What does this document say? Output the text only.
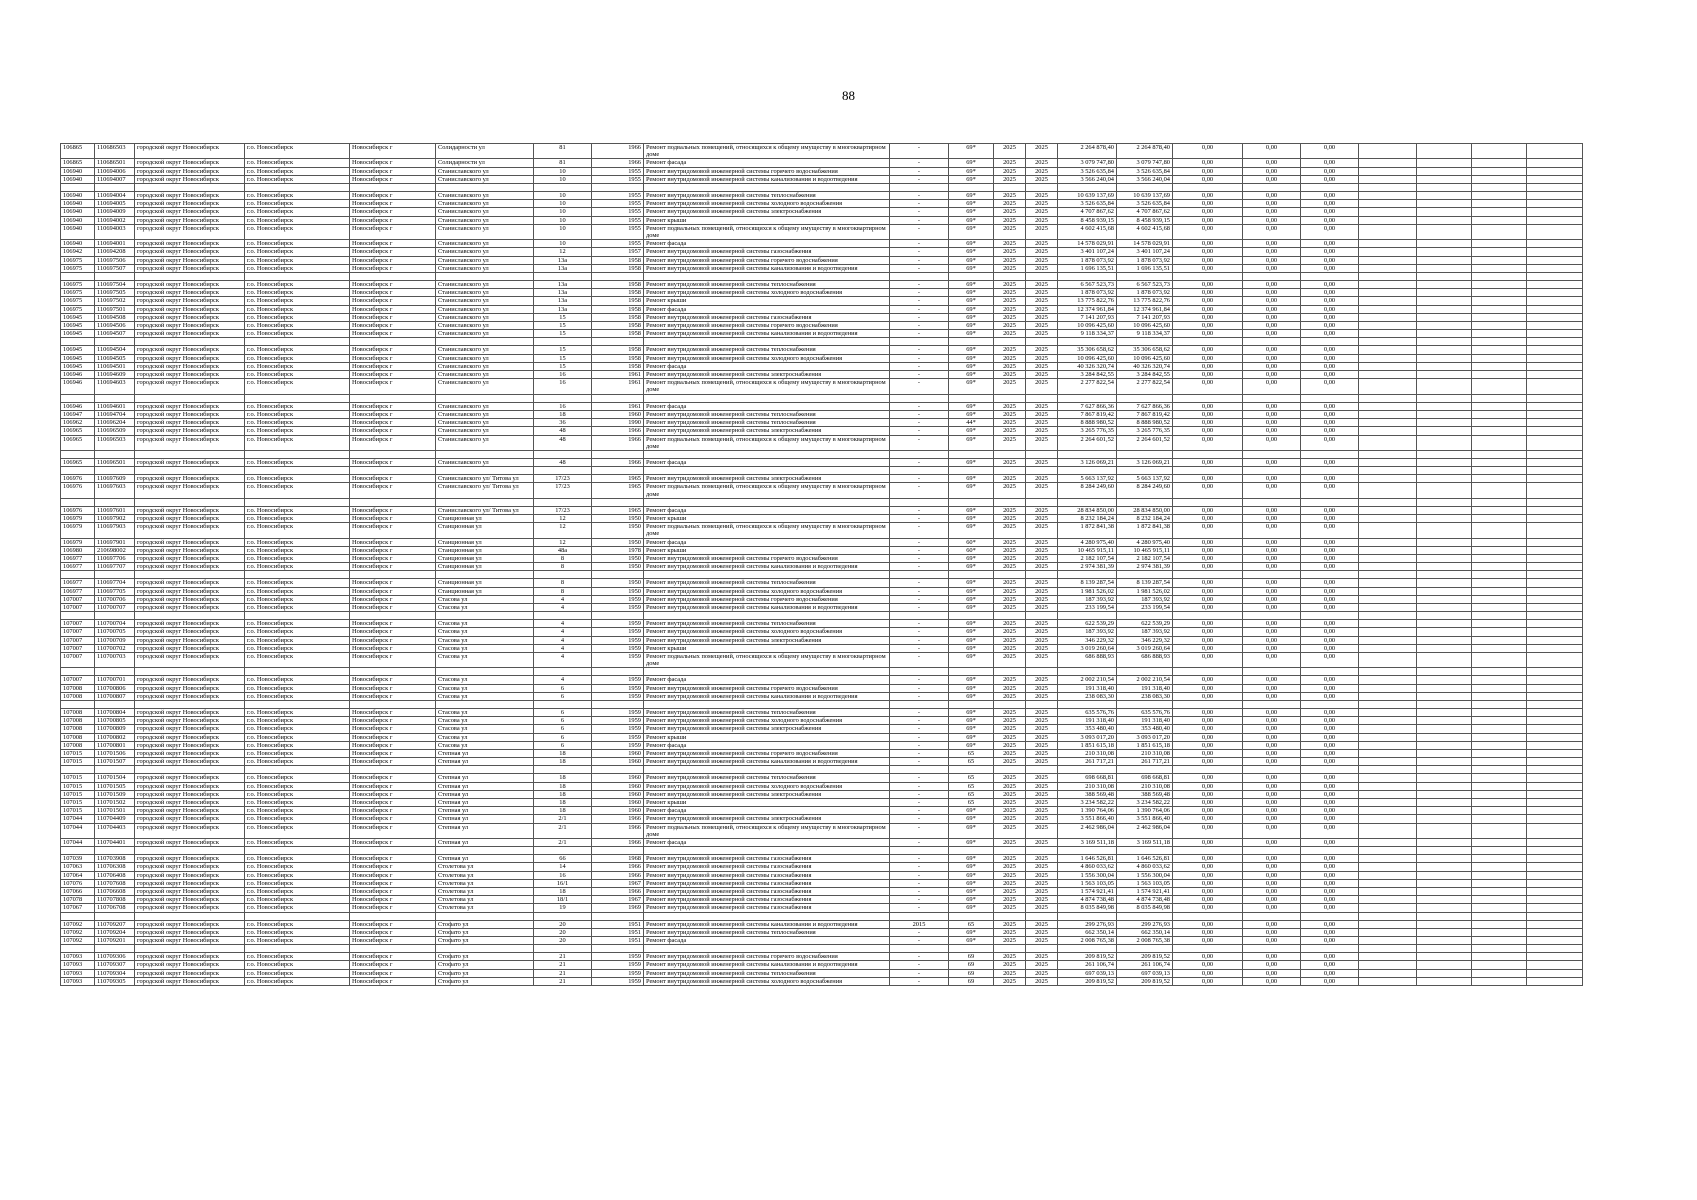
88
106865	110686503	городской округ Новосибирск	г.о. Новосибирск	Новосибирск г	Солидарности ул	81	1966	Ремонт подвальных помещений, относящихся к общему имуществу в многоквартирном доме	-	69*	2025	2025	2 264 878,40	2 264 878,40	0,00	0,00	0,00				
106865	110686501	городской округ Новосибирск	г.о. Новосибирск	Новосибирск г	Солидарности ул	81	1966	Ремонт фасада	-	69*	2025	2025	3 079 747,80	3 079 747,80	0,00	0,00	0,00				
106940	110694006	городской округ Новосибирск	г.о. Новосибирск	Новосибирск г	Станиславского ул	10	1955	Ремонт внутридомовой инженерной системы горячего водоснабжения	-	69*	2025	2025	3 526 635,84	3 526 635,84	0,00	0,00	0,00				
106940	110694007	городской округ Новосибирск	г.о. Новосибирск	Новосибирск г	Станиславского ул	10	1955	Ремонт внутридомовой инженерной системы канализования и водоотведения	-	69*	2025	2025	3 566 240,04	3 566 240,04	0,00	0,00	0,00				

106940	110694004	городской округ Новосибирск	г.о. Новосибирск	Новосибирск г	Станиславского ул	10	1955	Ремонт внутридомовой инженерной системы теплоснабжения	-	69*	2025	2025	10 639 137,69	10 639 137,69	0,00	0,00	0,00				
106940	110694005	городской округ Новосибирск	г.о. Новосибирск	Новосибирск г	Станиславского ул	10	1955	Ремонт внутридомовой инженерной системы холодного водоснабжения	-	69*	2025	2025	3 526 635,84	3 526 635,84	0,00	0,00	0,00				
106940	110694009	городской округ Новосибирск	г.о. Новосибирск	Новосибирск г	Станиславского ул	10	1955	Ремонт внутридомовой инженерной системы электроснабжения	-	69*	2025	2025	4 707 867,62	4 707 867,62	0,00	0,00	0,00				
106940	110694002	городской округ Новосибирск	г.о. Новосибирск	Новосибирск г	Станиславского ул	10	1955	Ремонт крыши	-	69*	2025	2025	8 458 939,15	8 458 939,15	0,00	0,00	0,00				
106940	110694003	городской округ Новосибирск	г.о. Новосибирск	Новосибирск г	Станиславского ул	10	1955	Ремонт подвальных помещений, относящихся к общему имуществу в многоквартирном доме	-	69*	2025	2025	4 602 415,68	4 602 415,68	0,00	0,00	0,00				
106940	110694001	городской округ Новосибирск	г.о. Новосибирск	Новосибирск г	Станиславского ул	10	1955	Ремонт фасада	-	69*	2025	2025	14 578 029,91	14 578 029,91	0,00	0,00	0,00				
106942	110694208	городской округ Новосибирск	г.о. Новосибирск	Новосибирск г	Станиславского ул	12	1957	Ремонт внутридомовой инженерной системы газоснабжения	-	69*	2025	2025	3 401 107,24	3 401 107,24	0,00	0,00	0,00				
106975	110697506	городской округ Новосибирск	г.о. Новосибирск	Новосибирск г	Станиславского ул	13а	1958	Ремонт внутридомовой инженерной системы горячего водоснабжения	-	69*	2025	2025	1 878 073,92	1 878 073,92	0,00	0,00	0,00				
106975	110697507	городской округ Новосибирск	г.о. Новосибирск	Новосибирск г	Станиславского ул	13а	1958	Ремонт внутридомовой инженерной системы канализования и водоотведения	-	69*	2025	2025	1 696 135,51	1 696 135,51	0,00	0,00	0,00				

106975	110697504	городской округ Новосибирск	г.о. Новосибирск	Новосибирск г	Станиславского ул	13а	1958	Ремонт внутридомовой инженерной системы теплоснабжения	-	69*	2025	2025	6 567 523,73	6 567 523,73	0,00	0,00	0,00				
106975	110697505	городской округ Новосибирск	г.о. Новосибирск	Новосибирск г	Станиславского ул	13а	1958	Ремонт внутридомовой инженерной системы холодного водоснабжения	-	69*	2025	2025	1 878 073,92	1 878 073,92	0,00	0,00	0,00				
106975	110697502	городской округ Новосибирск	г.о. Новосибирск	Новосибирск г	Станиславского ул	13а	1958	Ремонт крыши	-	69*	2025	2025	13 775 822,76	13 775 822,76	0,00	0,00	0,00				
106975	110697501	городской округ Новосибирск	г.о. Новосибирск	Новосибирск г	Станиславского ул	13а	1958	Ремонт фасада	-	69*	2025	2025	12 374 961,84	12 374 961,84	0,00	0,00	0,00				
106945	110694508	городской округ Новосибирск	г.о. Новосибирск	Новосибирск г	Станиславского ул	15	1958	Ремонт внутридомовой инженерной системы газоснабжения	-	69*	2025	2025	7 141 207,93	7 141 207,93	0,00	0,00	0,00				
106945	110694506	городской округ Новосибирск	г.о. Новосибирск	Новосибирск г	Станиславского ул	15	1958	Ремонт внутридомовой инженерной системы горячего водоснабжения	-	69*	2025	2025	10 096 425,60	10 096 425,60	0,00	0,00	0,00				
106945	110694507	городской округ Новосибирск	г.о. Новосибирск	Новосибирск г	Станиславского ул	15	1958	Ремонт внутридомовой инженерной системы канализования и водоотведения	-	69*	2025	2025	9 118 334,37	9 118 334,37	0,00	0,00	0,00				

106945	110694504	городской округ Новосибирск	г.о. Новосибирск	Новосибирск г	Станиславского ул	15	1958	Ремонт внутридомовой инженерной системы теплоснабжения	-	69*	2025	2025	35 306 658,62	35 306 658,62	0,00	0,00	0,00				
106945	110694505	городской округ Новосибирск	г.о. Новосибирск	Новосибирск г	Станиславского ул	15	1958	Ремонт внутридомовой инженерной системы холодного водоснабжения	-	69*	2025	2025	10 096 425,60	10 096 425,60	0,00	0,00	0,00				
106945	110694501	городской округ Новосибирск	г.о. Новосибирск	Новосибирск г	Станиславского ул	15	1958	Ремонт фасада	-	69*	2025	2025	40 326 320,74	40 326 320,74	0,00	0,00	0,00				
106946	110694609	городской округ Новосибирск	г.о. Новосибирск	Новосибирск г	Станиславского ул	16	1961	Ремонт внутридомовой инженерной системы электроснабжения	-	69*	2025	2025	3 284 842,55	3 284 842,55	0,00	0,00	0,00				
106946	110694603	городской округ Новосибирск	г.о. Новосибирск	Новосибирск г	Станиславского ул	16	1961	Ремонт подвальных помещений, относящихся к общему имуществу в многоквартирном доме	-	69*	2025	2025	2 277 822,54	2 277 822,54	0,00	0,00	0,00				

106946	110694601	городской округ Новосибирск	г.о. Новосибирск	Новосибирск г	Станиславского ул	16	1961	Ремонт фасада	-	69*	2025	2025	7 627 866,36	7 627 866,36	0,00	0,00	0,00				
106947	110694704	городской округ Новосибирск	г.о. Новосибирск	Новосибирск г	Станиславского ул	18	1960	Ремонт внутридомовой инженерной системы теплоснабжения	-	69*	2025	2025	7 867 819,42	7 867 819,42	0,00	0,00	0,00				
106962	110696204	городской округ Новосибирск	г.о. Новосибирск	Новосибирск г	Станиславского ул	36	1990	Ремонт внутридомовой инженерной системы теплоснабжения	-	44*	2025	2025	8 888 980,52	8 888 980,52	0,00	0,00	0,00				
106965	110696509	городской округ Новосибирск	г.о. Новосибирск	Новосибирск г	Станиславского ул	48	1966	Ремонт внутридомовой инженерной системы электроснабжения	-	69*	2025	2025	3 265 776,35	3 265 776,35	0,00	0,00	0,00				
106965	110696503	городской округ Новосибирск	г.о. Новосибирск	Новосибирск г	Станиславского ул	48	1966	Ремонт подвальных помещений, относящихся к общему имуществу в многоквартирном доме	-	69*	2025	2025	2 264 601,52	2 264 601,52	0,00	0,00	0,00				

106965	110696501	городской округ Новосибирск	г.о. Новосибирск	Новосибирск г	Станиславского ул	48	1966	Ремонт фасада	-	69*	2025	2025	3 126 069,21	3 126 069,21	0,00	0,00	0,00				

106976	110697609	городской округ Новосибирск	г.о. Новосибирск	Новосибирск г	Станиславского ул/ Титова ул	17/23	1965	Ремонт внутридомовой инженерной системы электроснабжения	-	69*	2025	2025	5 663 137,92	5 663 137,92	0,00	0,00	0,00				
106976	110697603	городской округ Новосибирск	г.о. Новосибирск	Новосибирск г	Станиславского ул/ Титова ул	17/23	1965	Ремонт подвальных помещений, относящихся к общему имуществу в многоквартирном доме	-	69*	2025	2025	8 284 249,60	8 284 249,60	0,00	0,00	0,00				

106976	110697601	городской округ Новосибирск	г.о. Новосибирск	Новосибирск г	Станиславского ул/ Титова ул	17/23	1965	Ремонт фасада	-	69*	2025	2025	28 834 850,00	28 834 850,00	0,00	0,00	0,00				
106979	110697902	городской округ Новосибирск	г.о. Новосибирск	Новосибирск г	Станционная ул	12	1950	Ремонт крыши	-	69*	2025	2025	8 232 184,24	8 232 184,24	0,00	0,00	0,00				
106979	110697903	городской округ Новосибирск	г.о. Новосибирск	Новосибирск г	Станционная ул	12	1950	Ремонт подвальных помещений, относящихся к общему имуществу в многоквартирном доме	-	69*	2025	2025	1 872 841,38	1 872 841,38	0,00	0,00	0,00				
106979	110697901	городской округ Новосибирск	г.о. Новосибирск	Новосибирск г	Станционная ул	12	1950	Ремонт фасада	-	60*	2025	2025	4 280 975,40	4 280 975,40	0,00	0,00	0,00				
106980	210698002	городской округ Новосибирск	г.о. Новосибирск	Новосибирск г	Станционная ул	48а	1978	Ремонт крыши	-	60*	2025	2025	10 465 915,11	10 465 915,11	0,00	0,00	0,00				
106977	110697706	городской округ Новосибирск	г.о. Новосибирск	Новосибирск г	Станционная ул	8	1950	Ремонт внутридомовой инженерной системы горячего водоснабжения	-	69*	2025	2025	2 182 107,54	2 182 107,54	0,00	0,00	0,00				
106977	110697707	городской округ Новосибирск	г.о. Новосибирск	Новосибирск г	Станционная ул	8	1950	Ремонт внутридомовой инженерной системы канализования и водоотведения	-	69*	2025	2025	2 974 381,39	2 974 381,39	0,00	0,00	0,00				

106977	110697704	городской округ Новосибирск	г.о. Новосибирск	Новосибирск г	Станционная ул	8	1950	Ремонт внутридомовой инженерной системы теплоснабжения	-	69*	2025	2025	8 139 287,54	8 139 287,54	0,00	0,00	0,00				
106977	110697705	городской округ Новосибирск	г.о. Новосибирск	Новосибирск г	Станционная ул	8	1950	Ремонт внутридомовой инженерной системы холодного водоснабжения	-	69*	2025	2025	1 981 526,02	1 981 526,02	0,00	0,00	0,00				
107007	110700706	городской округ Новосибирск	г.о. Новосибирск	Новосибирск г	Стасова ул	4	1959	Ремонт внутридомовой инженерной системы горячего водоснабжения	-	69*	2025	2025	187 393,92	187 393,92	0,00	0,00	0,00				
107007	110700707	городской округ Новосибирск	г.о. Новосибирск	Новосибирск г	Стасова ул	4	1959	Ремонт внутридомовой инженерной системы канализования и водоотведения	-	69*	2025	2025	233 199,54	233 199,54	0,00	0,00	0,00				

107007	110700704	городской округ Новосибирск	г.о. Новосибирск	Новосибирск г	Стасова ул	4	1959	Ремонт внутридомовой инженерной системы теплоснабжения	-	69*	2025	2025	622 539,29	622 539,29	0,00	0,00	0,00				
107007	110700705	городской округ Новосибирск	г.о. Новосибирск	Новосибирск г	Стасова ул	4	1959	Ремонт внутридомовой инженерной системы холодного водоснабжения	-	69*	2025	2025	187 393,92	187 393,92	0,00	0,00	0,00				
107007	110700709	городской округ Новосибирск	г.о. Новосибирск	Новосибирск г	Стасова ул	4	1959	Ремонт внутридомовой инженерной системы электроснабжения	-	69*	2025	2025	346 229,32	346 229,32	0,00	0,00	0,00				
107007	110700702	городской округ Новосибирск	г.о. Новосибирск	Новосибирск г	Стасова ул	4	1959	Ремонт крыши	-	69*	2025	2025	3 019 260,64	3 019 260,64	0,00	0,00	0,00				
107007	110700703	городской округ Новосибирск	г.о. Новосибирск	Новосибирск г	Стасова ул	4	1959	Ремонт подвальных помещений, относящихся к общему имуществу в многоквартирном доме	-	69*	2025	2025	686 888,93	686 888,93	0,00	0,00	0,00				

107007	110700701	городской округ Новосибирск	г.о. Новосибирск	Новосибирск г	Стасова ул	4	1959	Ремонт фасада	-	69*	2025	2025	2 002 210,54	2 002 210,54	0,00	0,00	0,00				
107008	110700806	городской округ Новосибирск	г.о. Новосибирск	Новосибирск г	Стасова ул	6	1959	Ремонт внутридомовой инженерной системы горячего водоснабжения	-	69*	2025	2025	191 318,40	191 318,40	0,00	0,00	0,00				
107008	110700807	городской округ Новосибирск	г.о. Новосибирск	Новосибирск г	Стасова ул	6	1959	Ремонт внутридомовой инженерной системы канализования и водоотведения	-	69*	2025	2025	238 083,30	238 083,30	0,00	0,00	0,00				

107008	110700804	городской округ Новосибирск	г.о. Новосибирск	Новосибирск г	Стасова ул	6	1959	Ремонт внутридомовой инженерной системы теплоснабжения	-	69*	2025	2025	635 576,76	635 576,76	0,00	0,00	0,00				
107008	110700805	городской округ Новосибирск	г.о. Новосибирск	Новосибирск г	Стасова ул	6	1959	Ремонт внутридомовой инженерной системы холодного водоснабжения	-	69*	2025	2025	191 318,40	191 318,40	0,00	0,00	0,00				
107008	110700809	городской округ Новосибирск	г.о. Новосибирск	Новосибирск г	Стасова ул	6	1959	Ремонт внутридомовой инженерной системы электроснабжения	-	69*	2025	2025	353 480,40	353 480,40	0,00	0,00	0,00				
107008	110700802	городской округ Новосибирск	г.о. Новосибирск	Новосибирск г	Стасова ул	6	1959	Ремонт крыши	-	69*	2025	2025	3 093 017,20	3 093 017,20	0,00	0,00	0,00				
107008	110700801	городской округ Новосибирск	г.о. Новосибирск	Новосибирск г	Стасова ул	6	1959	Ремонт фасада	-	69*	2025	2025	1 851 615,18	1 851 615,18	0,00	0,00	0,00				
107015	110701506	городской округ Новосибирск	г.о. Новосибирск	Новосибирск г	Степная ул	18	1960	Ремонт внутридомовой инженерной системы горячего водоснабжения	-	65	2025	2025	210 310,08	210 310,08	0,00	0,00	0,00				
107015	110701507	городской округ Новосибирск	г.о. Новосибирск	Новосибирск г	Степная ул	18	1960	Ремонт внутридомовой инженерной системы канализования и водоотведения	-	65	2025	2025	261 717,21	261 717,21	0,00	0,00	0,00				

107015	110701504	городской округ Новосибирск	г.о. Новосибирск	Новосибирск г	Степная ул	18	1960	Ремонт внутридомовой инженерной системы теплоснабжения	-	65	2025	2025	698 668,81	698 668,81	0,00	0,00	0,00				
107015	110701505	городской округ Новосибирск	г.о. Новосибирск	Новосибирск г	Степная ул	18	1960	Ремонт внутридомовой инженерной системы холодного водоснабжения	-	65	2025	2025	210 310,08	210 310,08	0,00	0,00	0,00				
107015	110701509	городской округ Новосибирск	г.о. Новосибирск	Новосибирск г	Степная ул	18	1960	Ремонт внутридомовой инженерной системы электроснабжения	-	65	2025	2025	388 569,48	388 569,48	0,00	0,00	0,00				
107015	110701502	городской округ Новосибирск	г.о. Новосибирск	Новосибирск г	Степная ул	18	1960	Ремонт крыши	-	65	2025	2025	3 234 582,22	3 234 582,22	0,00	0,00	0,00				
107015	110701501	городской округ Новосибирск	г.о. Новосибирск	Новосибирск г	Степная ул	18	1960	Ремонт фасада	-	69*	2025	2025	1 390 764,06	1 390 764,06	0,00	0,00	0,00				
107044	110704409	городской округ Новосибирск	г.о. Новосибирск	Новосибирск г	Степная ул	2/1	1966	Ремонт внутридомовой инженерной системы электроснабжения	-	69*	2025	2025	3 551 866,40	3 551 866,40	0,00	0,00	0,00				
107044	110704403	городской округ Новосибирск	г.о. Новосибирск	Новосибирск г	Степная ул	2/1	1966	Ремонт подвальных помещений, относящихся к общему имуществу в многоквартирном доме	-	69*	2025	2025	2 462 986,04	2 462 986,04	0,00	0,00	0,00				
107044	110704401	городской округ Новосибирск	г.о. Новосибирск	Новосибирск г	Степная ул	2/1	1966	Ремонт фасада	-	69*	2025	2025	3 169 511,18	3 169 511,18	0,00	0,00	0,00				

107039	110703908	городской округ Новосибирск	г.о. Новосибирск	Новосибирск г	Степная ул	66	1968	Ремонт внутридомовой инженерной системы газоснабжения	-	69*	2025	2025	1 646 526,81	1 646 526,81	0,00	0,00	0,00				
107063	110706308	городской округ Новосибирск	г.о. Новосибирск	Новосибирск г	Столетова ул	14	1966	Ремонт внутридомовой инженерной системы газоснабжения	-	69*	2025	2025	4 860 033,62	4 860 033,62	0,00	0,00	0,00				
107064	110706408	городской округ Новосибирск	г.о. Новосибирск	Новосибирск г	Столетова ул	16	1966	Ремонт внутридомовой инженерной системы газоснабжения	-	69*	2025	2025	1 556 300,04	1 556 300,04	0,00	0,00	0,00				
107076	110707608	городской округ Новосибирск	г.о. Новосибирск	Новосибирск г	Столетова ул	16/1	1967	Ремонт внутридомовой инженерной системы газоснабжения	-	69*	2025	2025	1 563 103,05	1 563 103,05	0,00	0,00	0,00				
107066	110706608	городской округ Новосибирск	г.о. Новосибирск	Новосибирск г	Столетова ул	18	1966	Ремонт внутридомовой инженерной системы газоснабжения	-	69*	2025	2025	1 574 921,41	1 574 921,41	0,00	0,00	0,00				
107078	110707808	городской округ Новосибирск	г.о. Новосибирск	Новосибирск г	Столетова ул	18/1	1967	Ремонт внутридомовой инженерной системы газоснабжения	-	69*	2025	2025	4 874 738,48	4 874 738,48	0,00	0,00	0,00				
107067	110706708	городской округ Новосибирск	г.о. Новосибирск	Новосибирск г	Столетова ул	19	1969	Ремонт внутридомовой инженерной системы газоснабжения	-	69*	2025	2025	8 035 849,98	8 035 849,98	0,00	0,00	0,00				

107092	110709207	городской округ Новосибирск	г.о. Новосибирск	Новосибирск г	Стофато ул	20	1951	Ремонт внутридомовой инженерной системы канализования и водоотведения	2015	65	2025	2025	299 276,93	299 276,93	0,00	0,00	0,00				
107092	110709204	городской округ Новосибирск	г.о. Новосибирск	Новосибирск г	Стофато ул	20	1951	Ремонт внутридомовой инженерной системы теплоснабжения	-	69*	2025	2025	662 350,14	662 350,14	0,00	0,00	0,00				
107092	110709201	городской округ Новосибирск	г.о. Новосибирск	Новосибирск г	Стофато ул	20	1951	Ремонт фасада	-	69*	2025	2025	2 008 765,38	2 008 765,38	0,00	0,00	0,00				

107093	110709306	городской округ Новосибирск	г.о. Новосибирск	Новосибирск г	Стофато ул	21	1959	Ремонт внутридомовой инженерной системы горячего водоснабжения	-	69	2025	2025	209 819,52	209 819,52	0,00	0,00	0,00				
107093	110709307	городской округ Новосибирск	г.о. Новосибирск	Новосибирск г	Стофато ул	21	1959	Ремонт внутридомовой инженерной системы канализования и водоотведения	-	69	2025	2025	261 106,74	261 106,74	0,00	0,00	0,00				
107093	110709304	городской округ Новосибирск	г.о. Новосибирск	Новосибирск г	Стофато ул	21	1959	Ремонт внутридомовой инженерной системы теплоснабжения	-	69	2025	2025	697 039,13	697 039,13	0,00	0,00	0,00				
107093	110709305	городской округ Новосибирск	г.о. Новосибирск	Новосибирск г	Стофато ул	21	1959	Ремонт внутридомовой инженерной системы холодного водоснабжения	-	69	2025	2025	209 819,52	209 819,52	0,00	0,00	0,00				
